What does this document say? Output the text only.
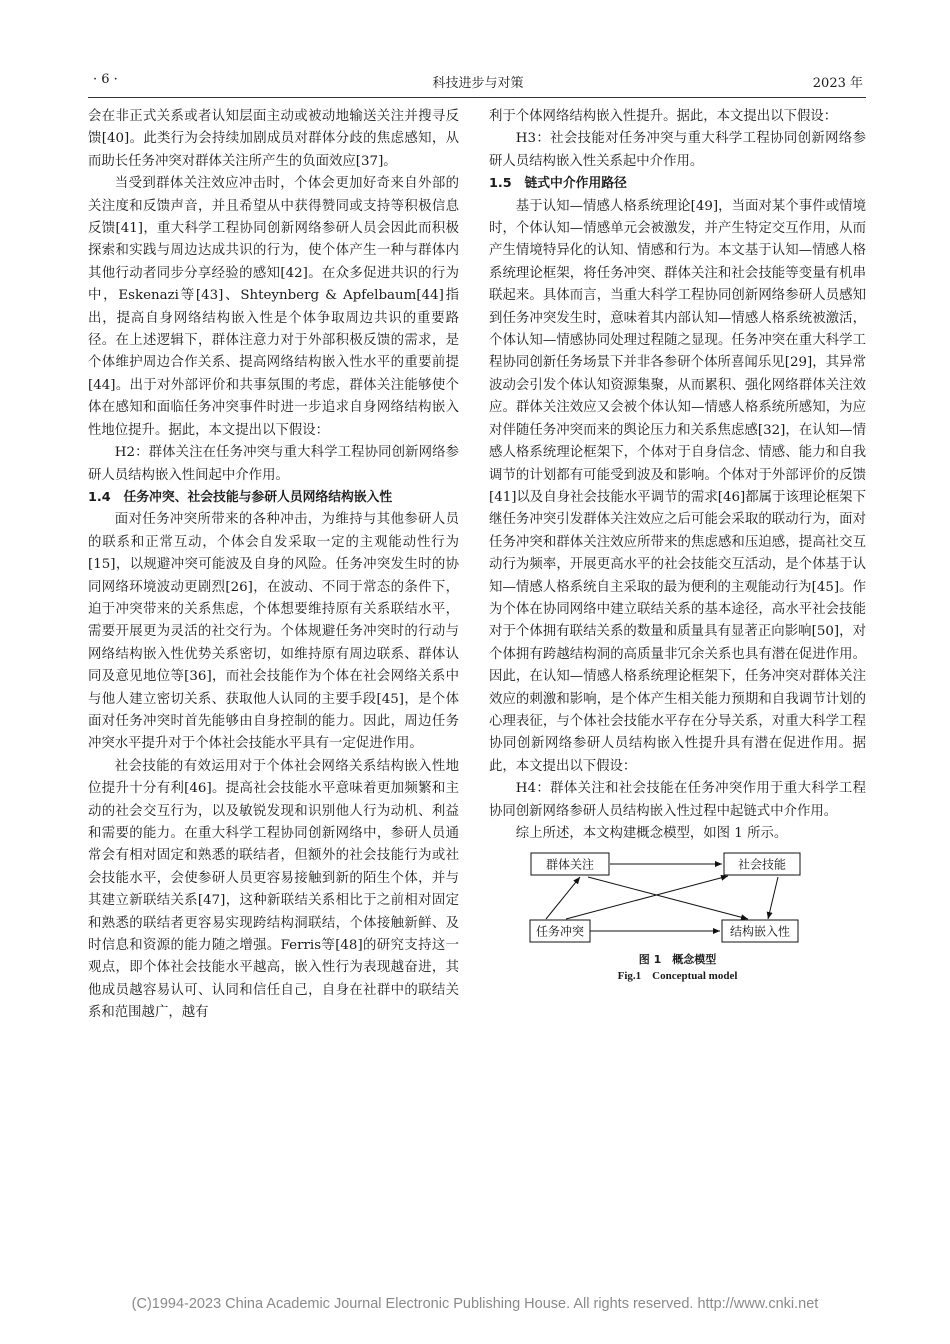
· 6 ·	科技进步与对策	2023 年

会在非正式关系或者认知层面主动或被动地输送关注并搜寻反馈[40]。此类行为会持续加剧成员对群体分歧的焦虑感知，从而助长任务冲突对群体关注所产生的负面效应[37]。

当受到群体关注效应冲击时，个体会更加好奇来自外部的关注度和反馈声音，并且希望从中获得赞同或支持等积极信息反馈[41]，重大科学工程协同创新网络参研人员会因此而积极探索和实践与周边达成共识的行为，使个体产生一种与群体内其他行动者同步分享经验的感知[42]。在众多促进共识的行为中，Eskenazi等[43]、Shteynberg & Apfelbaum[44]指出，提高自身网络结构嵌入性是个体争取周边共识的重要路径。在上述逻辑下，群体注意力对于外部积极反馈的需求，是个体维护周边合作关系、提高网络结构嵌入性水平的重要前提[44]。出于对外部评价和共事氛围的考虑，群体关注能够使个体在感知和面临任务冲突事件时进一步追求自身网络结构嵌入性地位提升。据此，本文提出以下假设：

H2：群体关注在任务冲突与重大科学工程协同创新网络参研人员结构嵌入性间起中介作用。

1.4　任务冲突、社会技能与参研人员网络结构嵌入性

面对任务冲突所带来的各种冲击，为维持与其他参研人员的联系和正常互动，个体会自发采取一定的主观能动性行为[15]，以规避冲突可能波及自身的风险。任务冲突发生时的协同网络环境波动更剧烈[26]，在波动、不同于常态的条件下，迫于冲突带来的关系焦虑，个体想要维持原有关系联结水平，需要开展更为灵活的社交行为。个体规避任务冲突时的行动与网络结构嵌入性优势关系密切，如维持原有周边联系、群体认同及意见地位等[36]，而社会技能作为个体在社会网络关系中与他人建立密切关系、获取他人认同的主要手段[45]，是个体面对任务冲突时首先能够由自身控制的能力。因此，周边任务冲突水平提升对于个体社会技能水平具有一定促进作用。

社会技能的有效运用对于个体社会网络关系结构嵌入性地位提升十分有利[46]。提高社会技能水平意味着更加频繁和主动的社会交互行为，以及敏锐发现和识别他人行为动机、利益和需要的能力。在重大科学工程协同创新网络中，参研人员通常会有相对固定和熟悉的联结者，但额外的社会技能行为或社会技能水平，会使参研人员更容易接触到新的陌生个体，并与其建立新联结关系[47]，这种新联结关系相比于之前相对固定和熟悉的联结者更容易实现跨结构洞联结，个体接触新鲜、及时信息和资源的能力随之增强。Ferris等[48]的研究支持这一观点，即个体社会技能水平越高，嵌入性行为表现越奋进，其他成员越容易认可、认同和信任自己，自身在社群中的联结关系和范围越广，越有

利于个体网络结构嵌入性提升。据此，本文提出以下假设：

H3：社会技能对任务冲突与重大科学工程协同创新网络参研人员结构嵌入性关系起中介作用。

1.5　链式中介作用路径

基于认知—情感人格系统理论[49]，当面对某个事件或情境时，个体认知—情感单元会被激发，并产生特定交互作用，从而产生情境特异化的认知、情感和行为。本文基于认知—情感人格系统理论框架，将任务冲突、群体关注和社会技能等变量有机串联起来。具体而言，当重大科学工程协同创新网络参研人员感知到任务冲突发生时，意味着其内部认知—情感人格系统被激活，个体认知—情感协同处理过程随之显现。任务冲突在重大科学工程协同创新任务场景下并非各参研个体所喜闻乐见[29]，其异常波动会引发个体认知资源集聚，从而累积、强化网络群体关注效应。群体关注效应又会被个体认知—情感人格系统所感知，为应对伴随任务冲突而来的舆论压力和关系焦虑感[32]，在认知—情感人格系统理论框架下，个体对于自身信念、情感、能力和自我调节的计划都有可能受到波及和影响。个体对于外部评价的反馈[41]以及自身社会技能水平调节的需求[46]都属于该理论框架下继任务冲突引发群体关注效应之后可能会采取的联动行为，面对任务冲突和群体关注效应所带来的焦虑感和压迫感，提高社交互动行为频率，开展更高水平的社会技能交互活动，是个体基于认知—情感人格系统自主采取的最为便利的主观能动行为[45]。作为个体在协同网络中建立联结关系的基本途径，高水平社会技能对于个体拥有联结关系的数量和质量具有显著正向影响[50]，对个体拥有跨越结构洞的高质量非冗余关系也具有潜在促进作用。因此，在认知—情感人格系统理论框架下，任务冲突对群体关注效应的刺激和影响，是个体产生相关能力预期和自我调节计划的心理表征，与个体社会技能水平存在分导关系，对重大科学工程协同创新网络参研人员结构嵌入性提升具有潜在促进作用。据此，本文提出以下假设：

H4：群体关注和社会技能在任务冲突作用于重大科学工程协同创新网络参研人员结构嵌入性过程中起链式中介作用。

综上所述，本文构建概念模型，如图 1 所示。

群体关注	社会技能
任务冲突	结构嵌入性
图 1　概念模型
Fig.1　Conceptual model
(C)1994-2023 China Academic Journal Electronic Publishing House. All rights reserved. http://www.cnki.net
